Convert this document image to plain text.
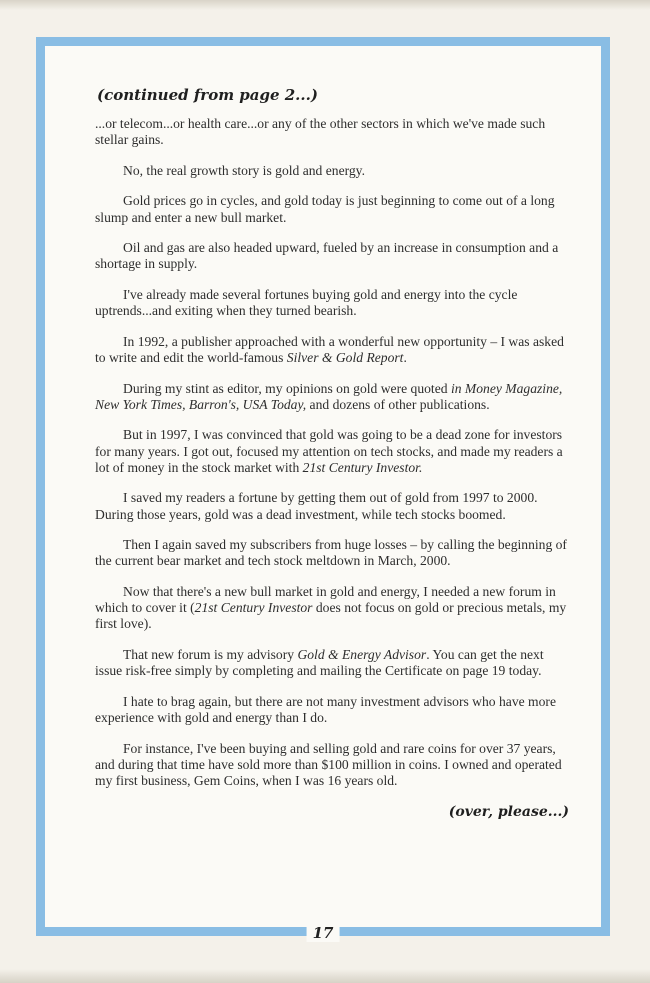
(continued from page 2...)

...or telecom...or health care...or any of the other sectors in which we've made such stellar gains.

No, the real growth story is gold and energy.

Gold prices go in cycles, and gold today is just beginning to come out of a long slump and enter a new bull market.

Oil and gas are also headed upward, fueled by an increase in consumption and a shortage in supply.

I've already made several fortunes buying gold and energy into the cycle uptrends...and exiting when they turned bearish.

In 1992, a publisher approached with a wonderful new opportunity – I was asked to write and edit the world-famous Silver & Gold Report.

During my stint as editor, my opinions on gold were quoted in Money Magazine, New York Times, Barron's, USA Today, and dozens of other publications.

But in 1997, I was convinced that gold was going to be a dead zone for investors for many years. I got out, focused my attention on tech stocks, and made my readers a lot of money in the stock market with 21st Century Investor.

I saved my readers a fortune by getting them out of gold from 1997 to 2000. During those years, gold was a dead investment, while tech stocks boomed.

Then I again saved my subscribers from huge losses – by calling the beginning of the current bear market and tech stock meltdown in March, 2000.

Now that there's a new bull market in gold and energy, I needed a new forum in which to cover it (21st Century Investor does not focus on gold or precious metals, my first love).

That new forum is my advisory Gold & Energy Advisor. You can get the next issue risk-free simply by completing and mailing the Certificate on page 19 today.

I hate to brag again, but there are not many investment advisors who have more experience with gold and energy than I do.

For instance, I've been buying and selling gold and rare coins for over 37 years, and during that time have sold more than $100 million in coins. I owned and operated my first business, Gem Coins, when I was 16 years old.

(over, please...)
17
